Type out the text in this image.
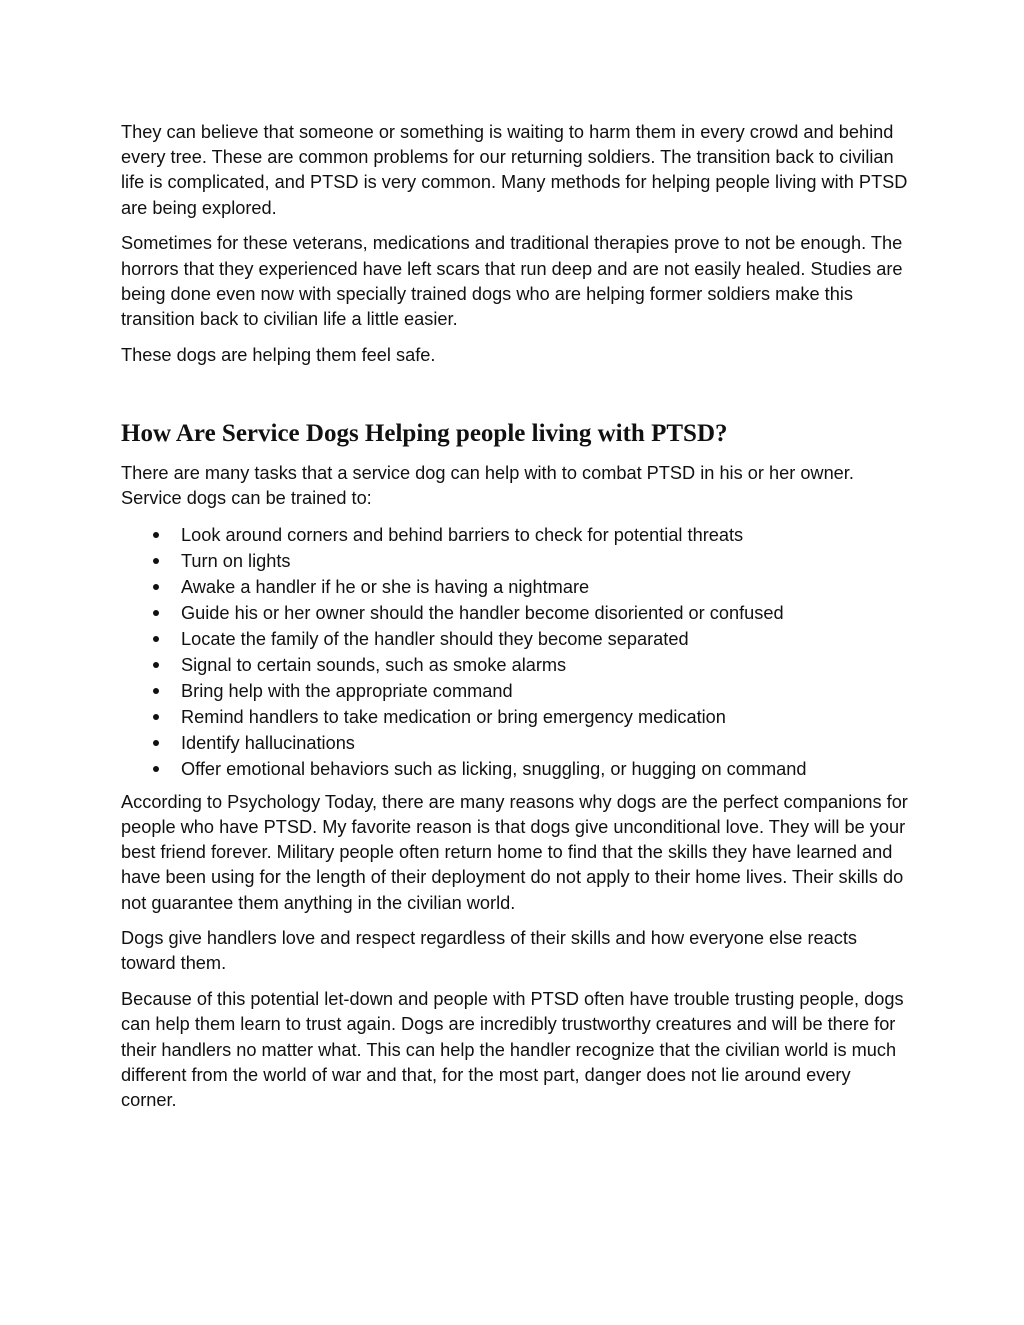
They can believe that someone or something is waiting to harm them in every crowd and behind every tree. These are common problems for our returning soldiers. The transition back to civilian life is complicated, and PTSD is very common. Many methods for helping people living with PTSD are being explored.

Sometimes for these veterans, medications and traditional therapies prove to not be enough. The horrors that they experienced have left scars that run deep and are not easily healed. Studies are being done even now with specially trained dogs who are helping former soldiers make this transition back to civilian life a little easier.

These dogs are helping them feel safe.

How Are Service Dogs Helping people living with PTSD?

There are many tasks that a service dog can help with to combat PTSD in his or her owner. Service dogs can be trained to:

Look around corners and behind barriers to check for potential threats
Turn on lights
Awake a handler if he or she is having a nightmare
Guide his or her owner should the handler become disoriented or confused
Locate the family of the handler should they become separated
Signal to certain sounds, such as smoke alarms
Bring help with the appropriate command
Remind handlers to take medication or bring emergency medication
Identify hallucinations
Offer emotional behaviors such as licking, snuggling, or hugging on command

According to Psychology Today, there are many reasons why dogs are the perfect companions for people who have PTSD. My favorite reason is that dogs give unconditional love. They will be your best friend forever. Military people often return home to find that the skills they have learned and have been using for the length of their deployment do not apply to their home lives. Their skills do not guarantee them anything in the civilian world.

Dogs give handlers love and respect regardless of their skills and how everyone else reacts toward them.

Because of this potential let-down and people with PTSD often have trouble trusting people, dogs can help them learn to trust again. Dogs are incredibly trustworthy creatures and will be there for their handlers no matter what. This can help the handler recognize that the civilian world is much different from the world of war and that, for the most part, danger does not lie around every corner.
